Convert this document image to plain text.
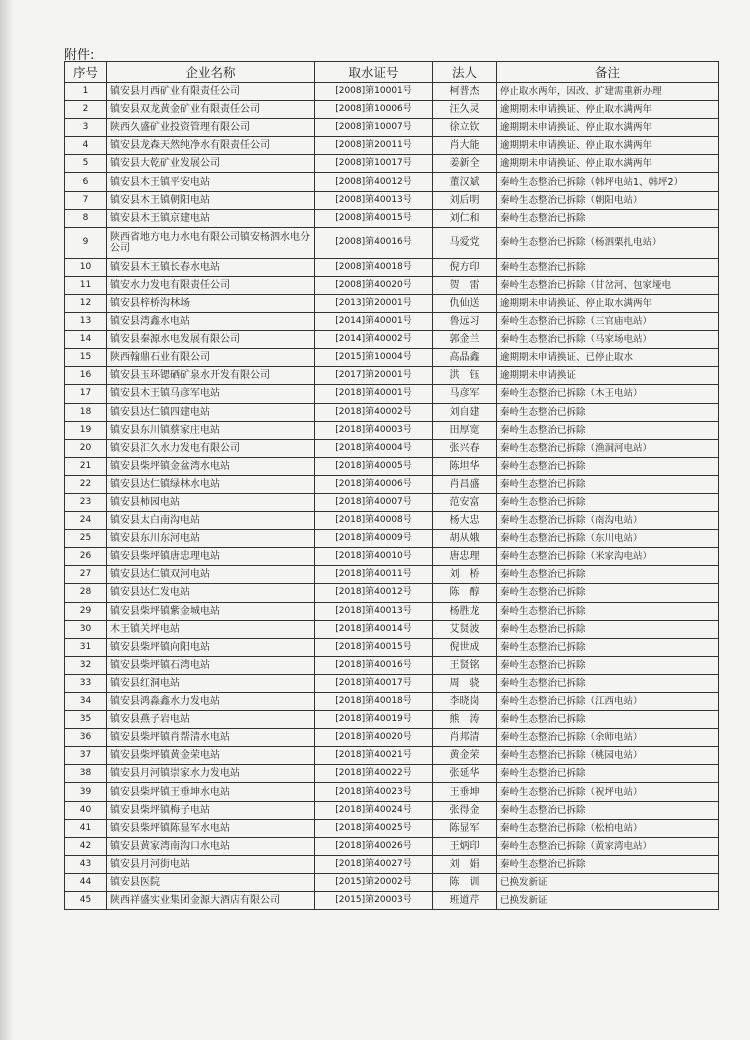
附件:
序号	企业名称	取水证号	法人	备注
1	镇安县月西矿业有限责任公司	[2008]第10001号	柯普杰	停止取水两年，因改、扩建需重新办理
2	镇安县双龙黄金矿业有限责任公司	[2008]第10006号	汪久灵	逾期期未申请换证、停止取水满两年
3	陕西久盛矿业投资管理有限公司	[2008]第10007号	徐立钦	逾期期未申请换证、停止取水满两年
4	镇安县龙森天然纯净水有限责任公司	[2008]第20011号	肖大能	逾期期未申请换证、停止取水满两年
5	镇安县大乾矿业发展公司	[2008]第10017号	姜新全	逾期期未申请换证、停止取水满两年
6	镇安县木王镇平安电站	[2008]第40012号	董汉斌	秦岭生态整治已拆除（韩坪电站1、韩坪2）
7	镇安县木王镇朝阳电站	[2008]第40013号	刘后明	秦岭生态整治已拆除（朝阳电站）
8	镇安县木王镇京建电站	[2008]第40015号	刘仁和	秦岭生态整治已拆除
9	陕西省地方电力水电有限公司镇安杨泗水电分公司	[2008]第40016号	马爱党	秦岭生态整治已拆除（杨泗栗扎电站）
10	镇安县木王镇长春水电站	[2008]第40018号	倪方印	秦岭生态整治已拆除
11	镇安水力发电有限责任公司	[2008]第40020号	贺　雷	秦岭生态整治已拆除（甘岔河、包家垭电
12	镇安县梓桥沟林场	[2013]第20001号	仇仙送	逾期期未申请换证、停止取水满两年
13	镇安县湾鑫水电站	[2014]第40001号	鲁远习	秦岭生态整治已拆除（三官庙电站）
14	镇安县秦源水电发展有限公司	[2014]第40002号	郭金兰	秦岭生态整治已拆除（马家场电站）
15	陕西翰鼎石业有限公司	[2015]第10004号	高晶鑫	逾期期未申请换证、已停止取水
16	镇安县玉环锶硒矿泉水开发有限公司	[2017]第20001号	洪　钰	逾期期未申请换证
17	镇安县木王镇马彦军电站	[2018]第40001号	马彦军	秦岭生态整治已拆除（木王电站）
18	镇安县达仁镇四建电站	[2018]第40002号	刘自建	秦岭生态整治已拆除
19	镇安县东川镇蔡家庄电站	[2018]第40003号	田厚宽	秦岭生态整治已拆除
20	镇安县汇久水力发电有限公司	[2018]第40004号	张兴春	秦岭生态整治已拆除（渔洞河电站）
21	镇安县柴坪镇金盆湾水电站	[2018]第40005号	陈坦华	秦岭生态整治已拆除
22	镇安县达仁镇绿林水电站	[2018]第40006号	肖昌盛	秦岭生态整治已拆除
23	镇安县柿园电站	[2018]第40007号	范安富	秦岭生态整治已拆除
24	镇安县太白南沟电站	[2018]第40008号	杨大忠	秦岭生态整治已拆除（南沟电站）
25	镇安县东川东河电站	[2018]第40009号	胡从娥	秦岭生态整治已拆除（东川电站）
26	镇安县柴坪镇唐忠理电站	[2018]第40010号	唐忠理	秦岭生态整治已拆除（米家沟电站）
27	镇安县达仁镇双河电站	[2018]第40011号	刘　桥	秦岭生态整治已拆除
28	镇安县达仁发电站	[2018]第40012号	陈　醇	秦岭生态整治已拆除
29	镇安县柴坪镇紫金城电站	[2018]第40013号	杨胜龙	秦岭生态整治已拆除
30	木王镇关坪电站	[2018]第40014号	艾贤波	秦岭生态整治已拆除
31	镇安县柴坪镇向阳电站	[2018]第40015号	倪世成	秦岭生态整治已拆除
32	镇安县柴坪镇石湾电站	[2018]第40016号	王贤铭	秦岭生态整治已拆除
33	镇安县红洞电站	[2018]第40017号	周　骁	秦岭生态整治已拆除
34	镇安县鸿淼鑫水力发电站	[2018]第40018号	李晓岗	秦岭生态整治已拆除（江西电站）
35	镇安县燕子岩电站	[2018]第40019号	熊　涛	秦岭生态整治已拆除
36	镇安县柴坪镇肖帮清水电站	[2018]第40020号	肖邦清	秦岭生态整治已拆除（余师电站）
37	镇安县柴坪镇黄金荣电站	[2018]第40021号	黄金荣	秦岭生态整治已拆除（桃园电站）
38	镇安县月河镇崇家水力发电站	[2018]第40022号	张延华	秦岭生态整治已拆除
39	镇安县柴坪镇王垂坤水电站	[2018]第40023号	王垂坤	秦岭生态整治已拆除（祝坪电站）
40	镇安县柴坪镇梅子电站	[2018]第40024号	张得金	秦岭生态整治已拆除
41	镇安县柴坪镇陈显军水电站	[2018]第40025号	陈显军	秦岭生态整治已拆除（松柏电站）
42	镇安县黄家湾南沟口水电站	[2018]第40026号	王炳印	秦岭生态整治已拆除（黄家湾电站）
43	镇安县月河街电站	[2018]第40027号	刘　娟	秦岭生态整治已拆除
44	镇安县医院	[2015]第20002号	陈　训	已换发新证
45	陕西祥盛实业集团金源大酒店有限公司	[2015]第20003号	班道芹	已换发新证
